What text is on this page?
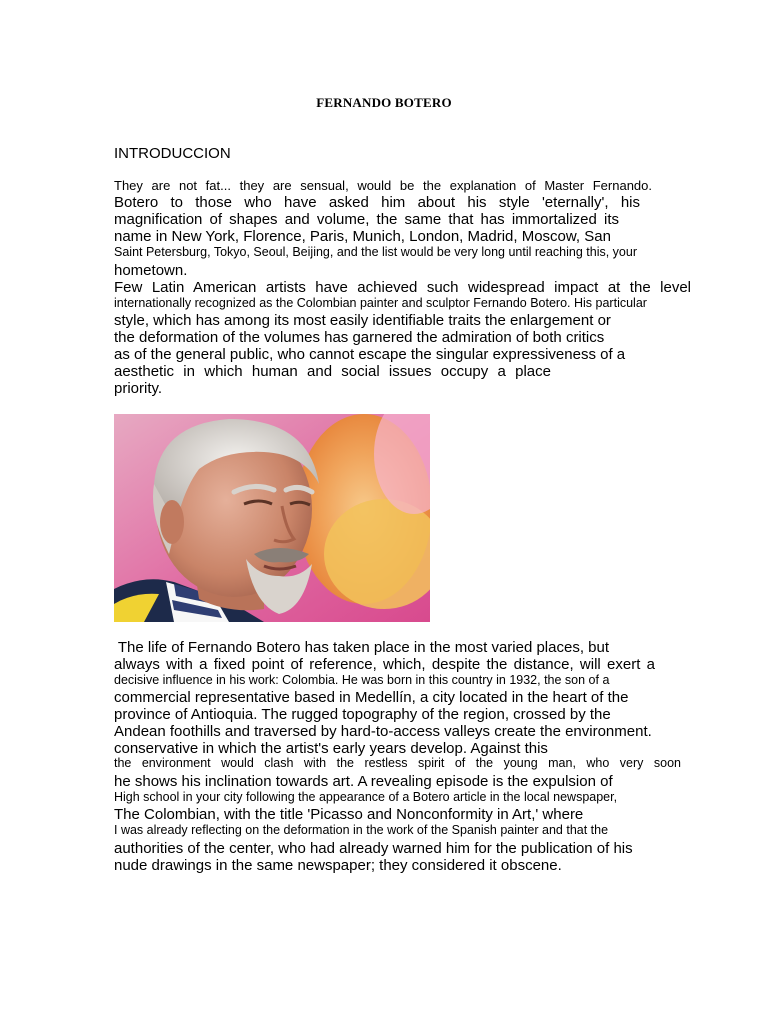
FERNANDO BOTERO
INTRODUCCION
They are not fat... they are sensual, would be the explanation of Master Fernando.
Botero to those who have asked him about his style 'eternally', his
magnification of shapes and volume, the same that has immortalized its
name in New York, Florence, Paris, Munich, London, Madrid, Moscow, San
Saint Petersburg, Tokyo, Seoul, Beijing, and the list would be very long until reaching this, your
hometown.
Few Latin American artists have achieved such widespread impact at the level
internationally recognized as the Colombian painter and sculptor Fernando Botero. His particular
style, which has among its most easily identifiable traits the enlargement or
the deformation of the volumes has garnered the admiration of both critics
as of the general public, who cannot escape the singular expressiveness of a
aesthetic in which human and social issues occupy a place
priority.
The life of Fernando Botero has taken place in the most varied places, but
always with a fixed point of reference, which, despite the distance, will exert a
decisive influence in his work: Colombia. He was born in this country in 1932, the son of a
commercial representative based in Medellín, a city located in the heart of the
province of Antioquia. The rugged topography of the region, crossed by the
Andean foothills and traversed by hard-to-access valleys create the environment.
conservative in which the artist's early years develop. Against this
the environment would clash with the restless spirit of the young man, who very soon
he shows his inclination towards art. A revealing episode is the expulsion of
High school in your city following the appearance of a Botero article in the local newspaper,
The Colombian, with the title 'Picasso and Nonconformity in Art,' where
I was already reflecting on the deformation in the work of the Spanish painter and that the
authorities of the center, who had already warned him for the publication of his
nude drawings in the same newspaper; they considered it obscene.
